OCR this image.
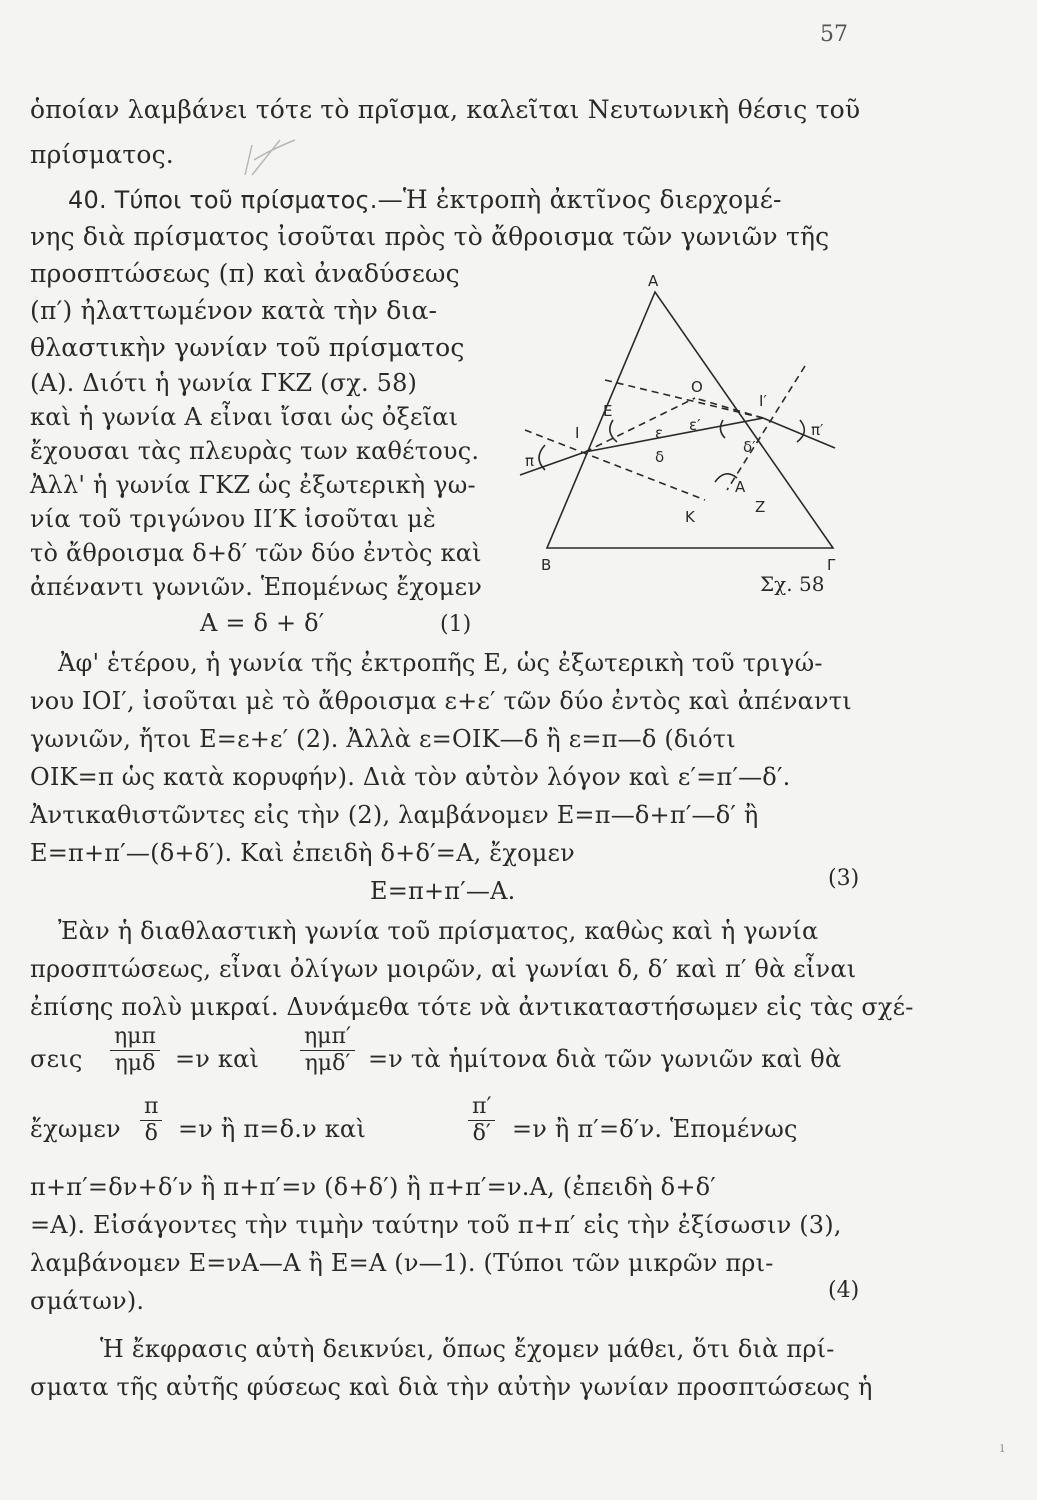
57
ὁποίαν λαμβάνει τότε τὸ πρῖσμα, καλεῖται Νευτωνικὴ θέσις τοῦ
πρίσματος.
40. Τύποι τοῦ πρίσματος.—Ἡ ἐκτροπὴ ἀκτῖνος διερχομέ-
νης διὰ πρίσματος ἰσοῦται πρὸς τὸ ἄθροισμα τῶν γωνιῶν τῆς
προσπτώσεως (π) καὶ ἀναδύσεως
(π′) ἠλαττωμένον κατὰ τὴν δια-
θλαστικὴν γωνίαν τοῦ πρίσματος
(Α). Διότι ἡ γωνία ΓΚΖ (σχ. 58)
καὶ ἡ γωνία Α εἶναι ἴσαι ὡς ὀξεῖαι
ἔχουσαι τὰς πλευρὰς των καθέτους.
Ἀλλ' ἡ γωνία ΓΚΖ ὡς ἐξωτερικὴ γω-
νία τοῦ τριγώνου ΙΙ′Κ ἰσοῦται μὲ
τὸ ἄθροισμα δ+δ′ τῶν δύο ἐντὸς καὶ
ἀπέναντι γωνιῶν. Ἑπομένως ἔχομεν
Α = δ + δ′	(1)
Α
Β	Γ
Ο
Ε
ε ε′
Ι
Ι′
π
π′
δ
δ′
Α
Κ
Ζ
Σχ. 58
Ἀφ' ἑτέρου, ἡ γωνία τῆς ἐκτροπῆς Ε, ὡς ἐξωτερικὴ τοῦ τριγώ-
νου ΙΟΙ′, ἰσοῦται μὲ τὸ ἄθροισμα ε+ε′ τῶν δύο ἐντὸς καὶ ἀπέναντι
γωνιῶν, ἤτοι Ε=ε+ε′ (2). Ἀλλὰ ε=ΟΙΚ—δ ἢ ε=π—δ (διότι
ΟΙΚ=π ὡς κατὰ κορυφήν). Διὰ τὸν αὐτὸν λόγον καὶ ε′=π′—δ′.
Ἀντικαθιστῶντες εἰς τὴν (2), λαμβάνομεν Ε=π—δ+π′—δ′ ἢ
Ε=π+π′—(δ+δ′). Καὶ ἐπειδὴ δ+δ′=Α, ἔχομεν
Ε=π+π′—Α.	(3)
Ἐὰν ἡ διαθλαστικὴ γωνία τοῦ πρίσματος, καθὼς καὶ ἡ γωνία
προσπτώσεως, εἶναι ὀλίγων μοιρῶν, αἱ γωνίαι δ, δ′ καὶ π′ θὰ εἶναι
ἐπίσης πολὺ μικραί. Δυνάμεθα τότε νὰ ἀντικαταστήσωμεν εἰς τὰς σχέ-
σεις
ημπ
ημδ =ν καὶ
ημπ′
ημδ′ =ν τὰ ἡμίτονα διὰ τῶν γωνιῶν καὶ θὰ
ἔχωμεν $\frac{\pi}{\delta} =\nu$ ἢ π=δ.ν καὶ	$\frac{\pi'}{\delta'} =\nu$ ἢ π′=δ′ν. Ἑπομένως
π+π′=δν+δ′ν ἢ π+π′=ν (δ+δ′) ἢ π+π′=ν.Α, (ἐπειδὴ δ+δ′
=Α). Εἰσάγοντες τὴν τιμὴν ταύτην τοῦ π+π′ εἰς τὴν ἐξίσωσιν (3),
λαμβάνομεν Ε=νΑ—Α ἢ Ε=Α (ν—1). (Τύποι τῶν μικρῶν πρι-
σμάτων).	(4)
Ἡ ἔκφρασις αὐτὴ δεικνύει, ὅπως ἔχομεν μάθει, ὅτι διὰ πρί-
σματα τῆς αὐτῆς φύσεως καὶ διὰ τὴν αὐτὴν γωνίαν προσπτώσεως ἡ
ı
